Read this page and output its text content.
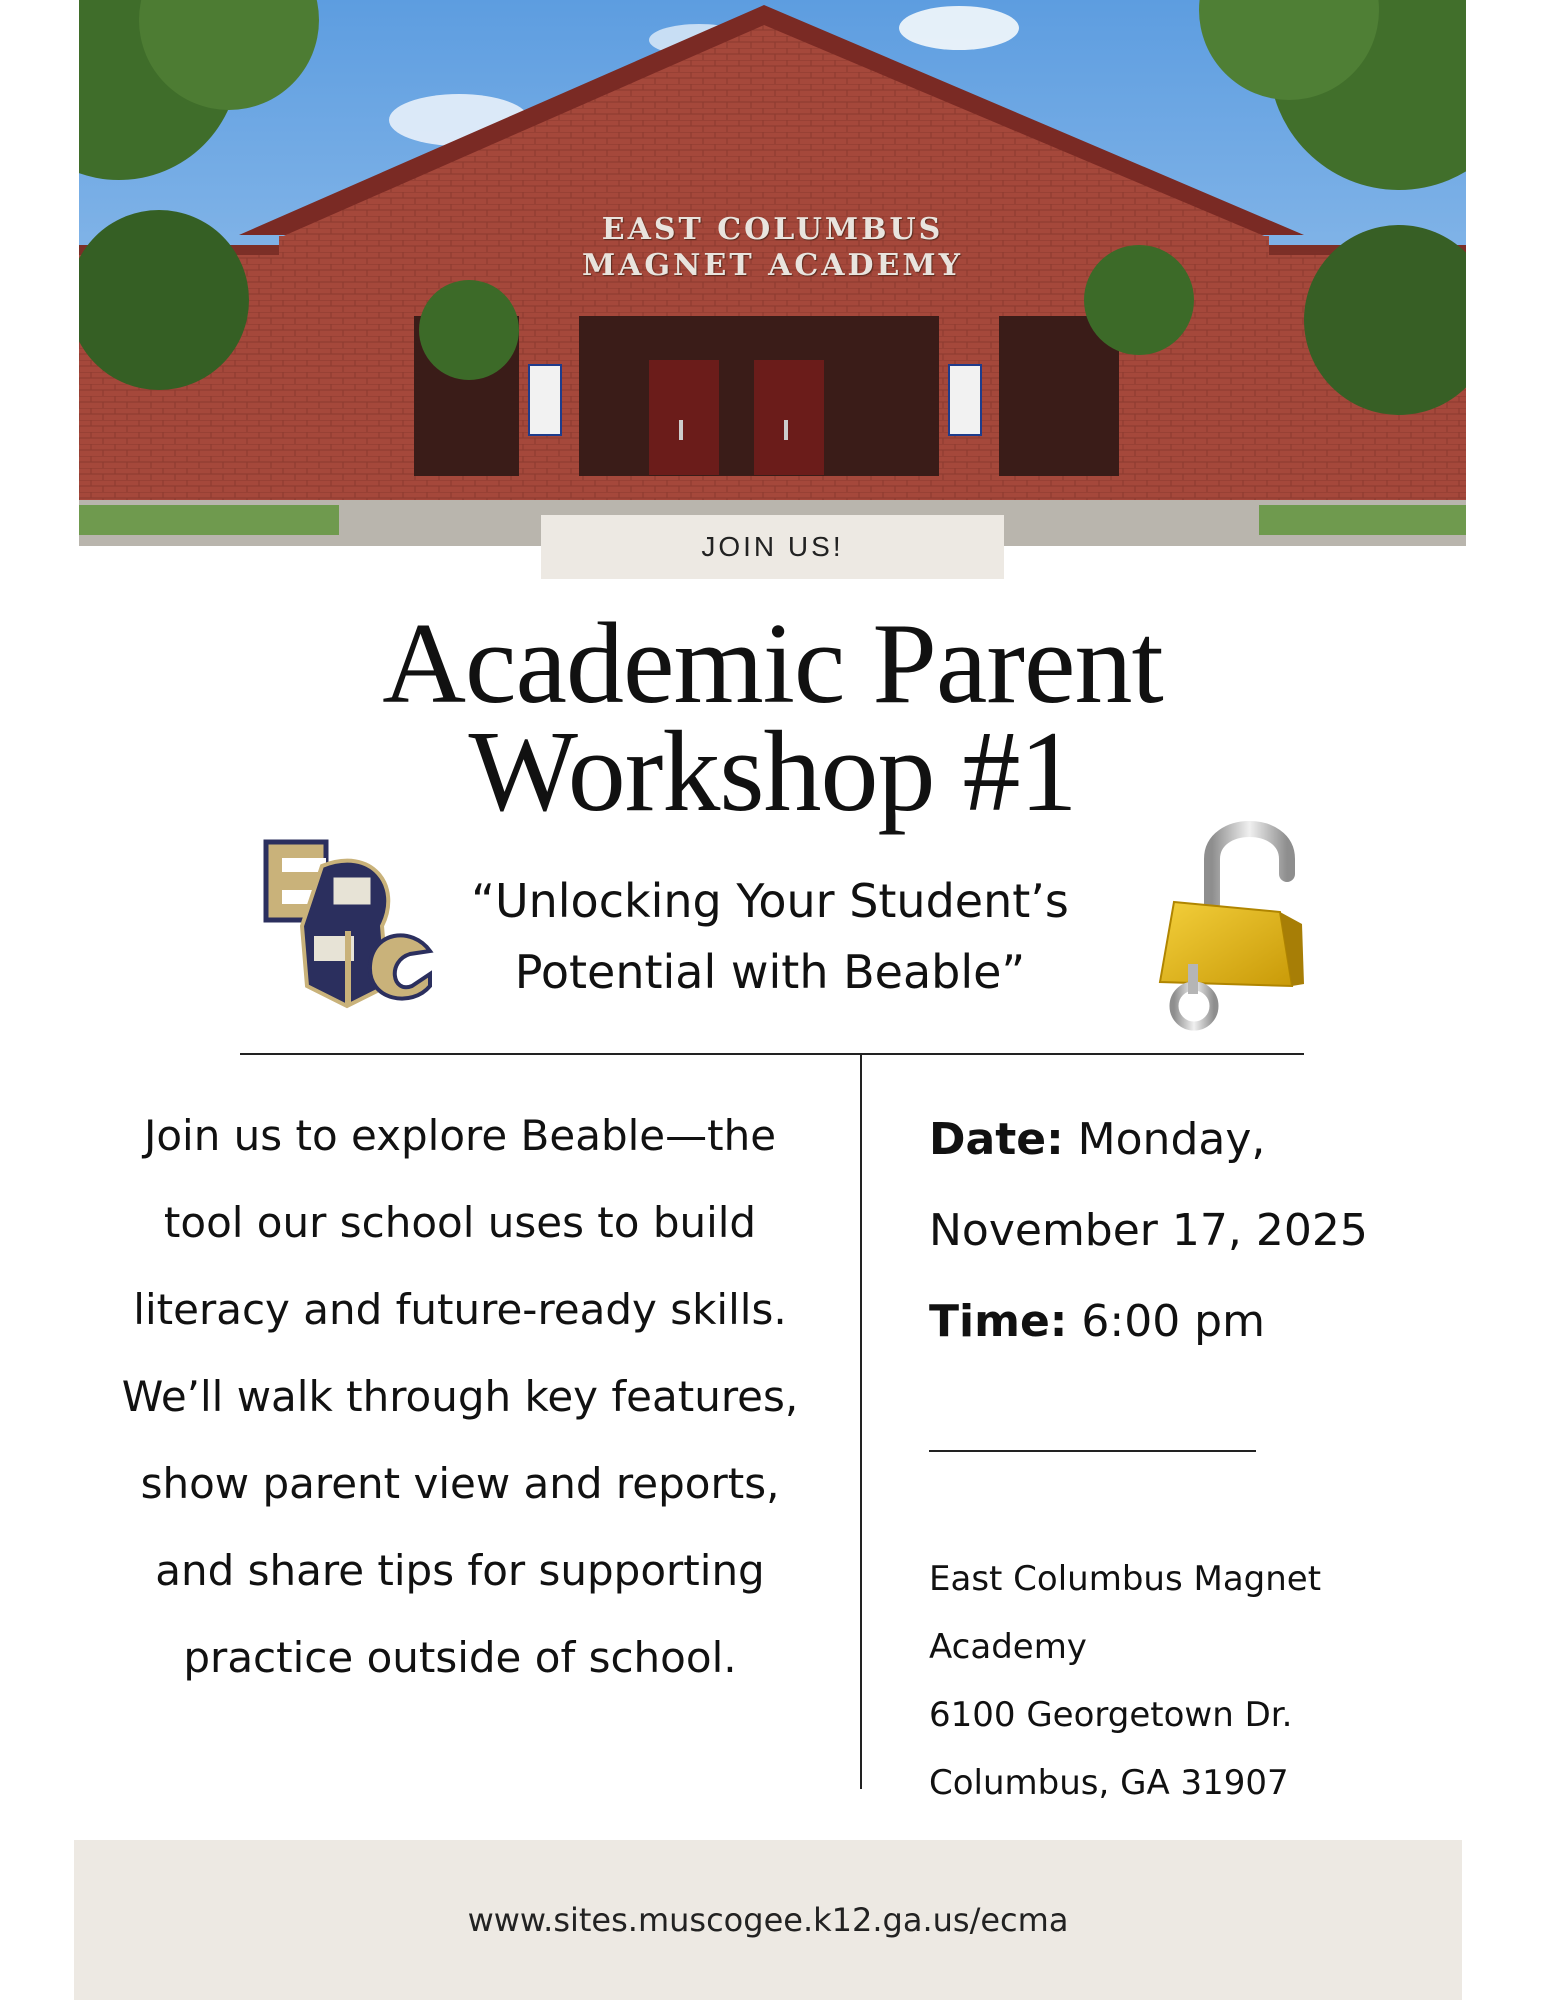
EAST COLUMBUS
MAGNET ACADEMY
JOIN US!
Academic Parent
Workshop #1
“Unlocking Your Student’s
Potential with Beable”
Join us to explore Beable—the
tool our school uses to build
literacy and future-ready skills.
We’ll walk through key features,
show parent view and reports,
and share tips for supporting
practice outside of school.
Date: Monday,
November 17, 2025
Time: 6:00 pm
East Columbus Magnet Academy
6100 Georgetown Dr.
Columbus, GA 31907
www.sites.muscogee.k12.ga.us/ecma
